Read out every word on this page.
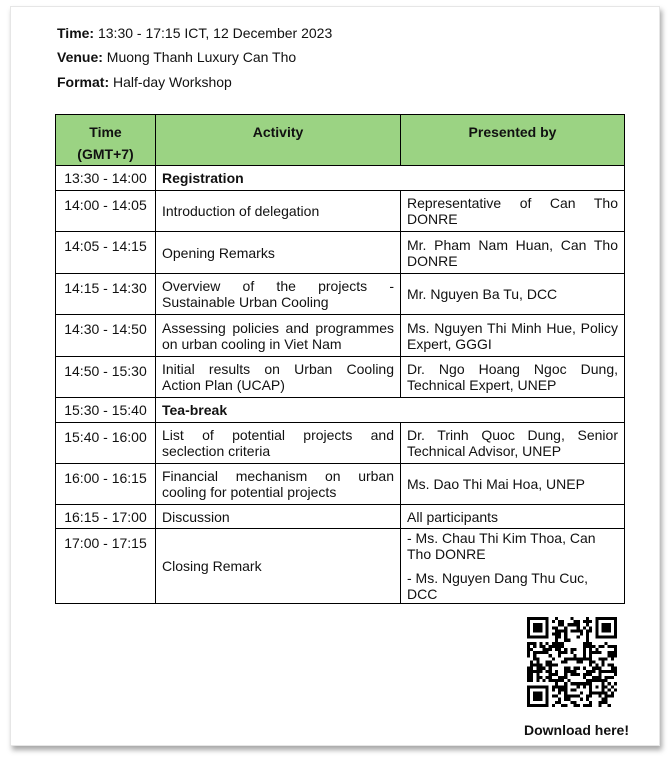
Time: 13:30 - 17:15 ICT, 12 December 2023
Venue: Muong Thanh Luxury Can Tho
Format: Half-day Workshop
Time
(GMT+7)	Activity	Presented by
13:30 - 14:00	Registration	
14:00 - 14:05	Introduction of delegation	Representative of Can Tho DONRE
14:05 - 14:15	Opening Remarks	Mr. Pham Nam Huan, Can Tho DONRE
14:15 - 14:30	Overview of the projects - Sustainable Urban Cooling	Mr. Nguyen Ba Tu, DCC
14:30 - 14:50	Assessing policies and programmes on urban cooling in Viet Nam	Ms. Nguyen Thi Minh Hue, Policy Expert, GGGI
14:50 - 15:30	Initial results on Urban Cooling Action Plan (UCAP)	Dr. Ngo Hoang Ngoc Dung, Technical Expert, UNEP
15:30 - 15:40	Tea-break	
15:40 - 16:00	List of potential projects and seclection criteria	Dr. Trinh Quoc Dung, Senior Technical Advisor, UNEP
16:00 - 16:15	Financial mechanism on urban cooling for potential projects	Ms. Dao Thi Mai Hoa, UNEP
16:15 - 17:00	Discussion	All participants
17:00 - 17:15	Closing Remark	- Ms. Chau Thi Kim Thoa, Can Tho DONRE
- Ms. Nguyen Dang Thu Cuc, DCC
Download here!
